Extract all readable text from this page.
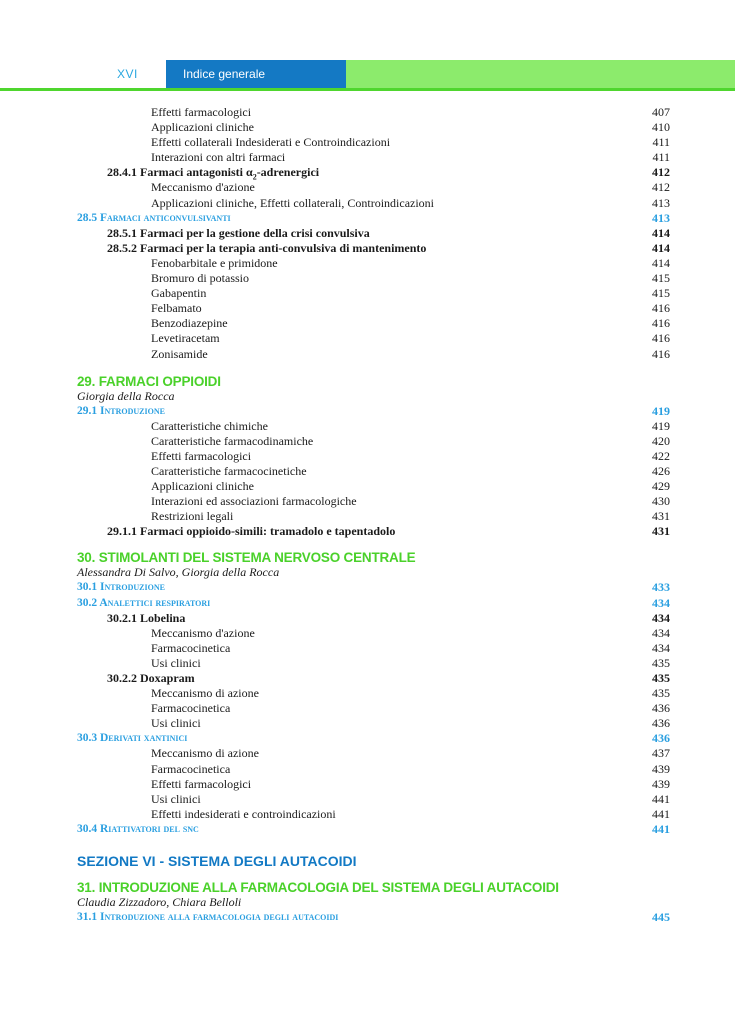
XVI	Indice generale
Effetti farmacologici	407
Applicazioni cliniche	410
Effetti collaterali Indesiderati e Controindicazioni	411
Interazioni con altri farmaci	411
28.4.1 Farmaci antagonisti $\alpha_2$-adrenergici	412
Meccanismo d'azione	412
Applicazioni cliniche, Effetti collaterali, Controindicazioni	413
28.5 Farmaci anticonvulsivanti	413
28.5.1 Farmaci per la gestione della crisi convulsiva	414
28.5.2 Farmaci per la terapia anti-convulsiva di mantenimento	414
Fenobarbitale e primidone	414
Bromuro di potassio	415
Gabapentin	415
Felbamato	416
Benzodiazepine	416
Levetiracetam	416
Zonisamide	416
29. FARMACI OPPIOIDI
Giorgia della Rocca
29.1 Introduzione	419
Caratteristiche chimiche	419
Caratteristiche farmacodinamiche	420
Effetti farmacologici	422
Caratteristiche farmacocinetiche	426
Applicazioni cliniche	429
Interazioni ed associazioni farmacologiche	430
Restrizioni legali	431
29.1.1 Farmaci oppioido-simili: tramadolo e tapentadolo	431
30. STIMOLANTI DEL SISTEMA NERVOSO CENTRALE
Alessandra Di Salvo, Giorgia della Rocca
30.1 Introduzione	433
30.2 Analettici respiratori	434
30.2.1 Lobelina	434
Meccanismo d'azione	434
Farmacocinetica	434
Usi clinici	435
30.2.2 Doxapram	435
Meccanismo di azione	435
Farmacocinetica	436
Usi clinici	436
30.3 Derivati xantinici	436
Meccanismo di azione	437
Farmacocinetica	439
Effetti farmacologici	439
Usi clinici	441
Effetti indesiderati e controindicazioni	441
30.4 Riattivatori del snc	441
SEZIONE VI - SISTEMA DEGLI AUTACOIDI
31. INTRODUZIONE ALLA FARMACOLOGIA DEL SISTEMA DEGLI AUTACOIDI
Claudia Zizzadoro, Chiara Belloli
31.1 Introduzione alla farmacologia degli autacoidi	445
